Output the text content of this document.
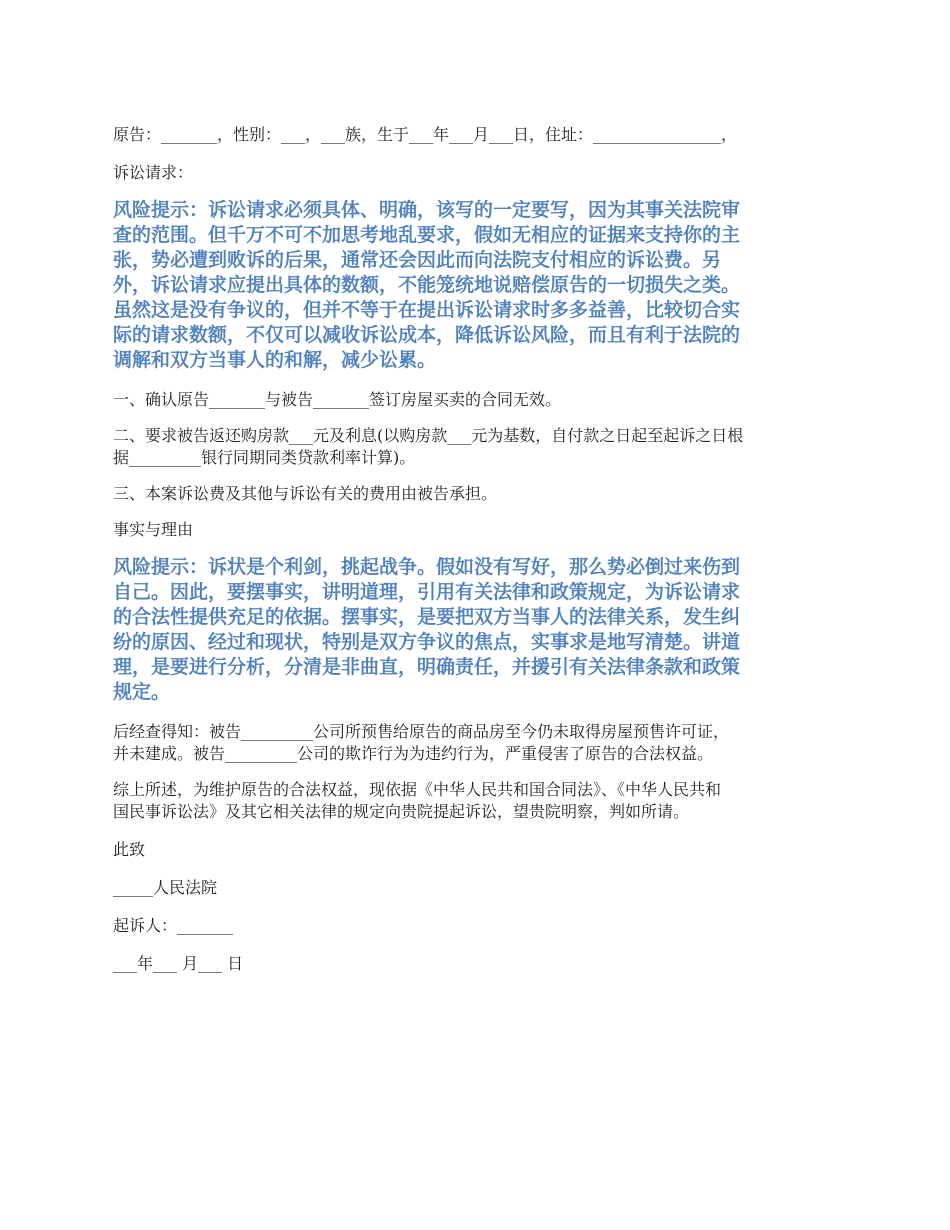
原告：_______，性别：___，___族，生于___年___月___日，住址：________________，

诉讼请求：

风险提示：诉讼请求必须具体、明确，该写的一定要写，因为其事关法院审
查的范围。但千万不可不加思考地乱要求，假如无相应的证据来支持你的主
张，势必遭到败诉的后果，通常还会因此而向法院支付相应的诉讼费。另
外，诉讼请求应提出具体的数额，不能笼统地说赔偿原告的一切损失之类。
虽然这是没有争议的，但并不等于在提出诉讼请求时多多益善，比较切合实
际的请求数额，不仅可以减收诉讼成本，降低诉讼风险，而且有利于法院的
调解和双方当事人的和解，减少讼累。

一、确认原告_______与被告_______签订房屋买卖的合同无效。

二、要求被告返还购房款___元及利息(以购房款___元为基数，自付款之日起至起诉之日根
据_________银行同期同类贷款利率计算)。

三、本案诉讼费及其他与诉讼有关的费用由被告承担。

事实与理由

风险提示：诉状是个利剑，挑起战争。假如没有写好，那么势必倒过来伤到
自己。因此，要摆事实，讲明道理，引用有关法律和政策规定，为诉讼请求
的合法性提供充足的依据。摆事实，是要把双方当事人的法律关系，发生纠
纷的原因、经过和现状，特别是双方争议的焦点，实事求是地写清楚。讲道
理，是要进行分析，分清是非曲直，明确责任，并援引有关法律条款和政策
规定。

后经查得知：被告_________公司所预售给原告的商品房至今仍未取得房屋预售许可证，
并未建成。被告_________公司的欺诈行为为违约行为，严重侵害了原告的合法权益。

综上所述，为维护原告的合法权益，现依据《中华人民共和国合同法》、《中华人民共和
国民事诉讼法》及其它相关法律的规定向贵院提起诉讼，望贵院明察，判如所请。

此致

_____人民法院

起诉人：_______

___年___ 月___ 日
